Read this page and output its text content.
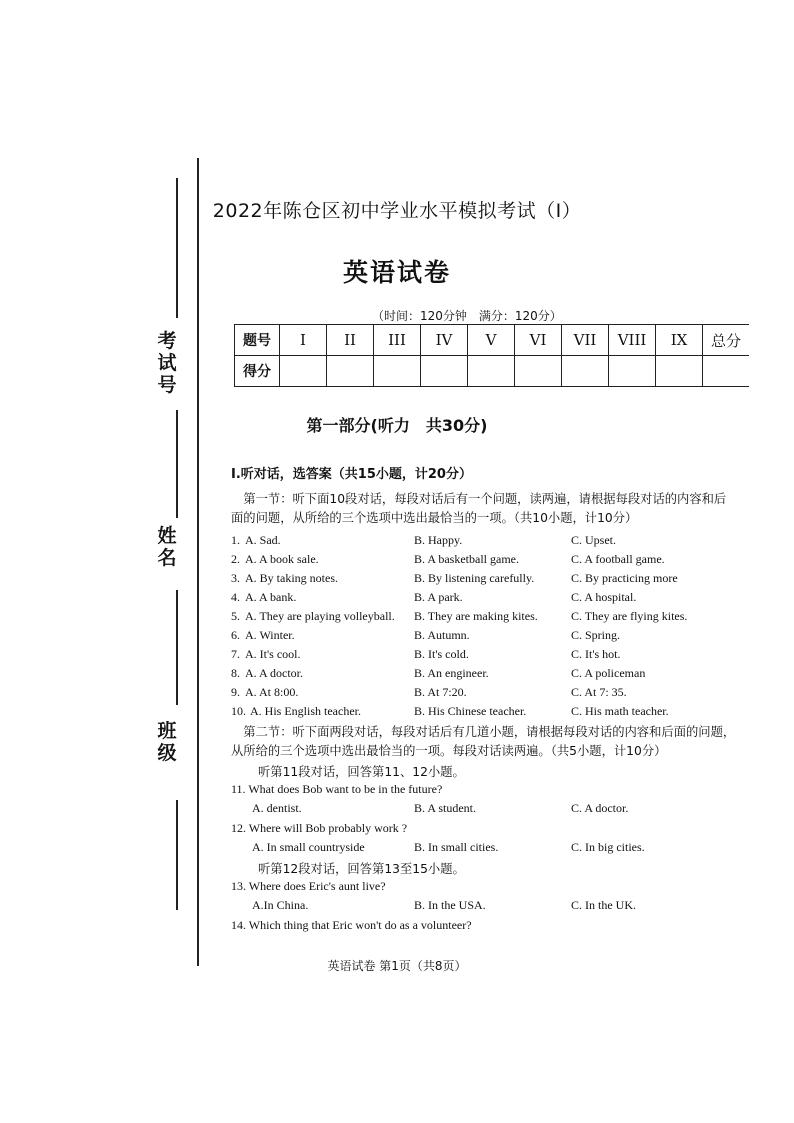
考试号
姓名
班级
2022年陈仓区初中学业水平模拟考试（I）
英语试卷
（时间：120分钟　满分：120分）
题号	I	II	III	IV	V	VI	VII	VIII	IX	总分
得分										
第一部分(听力　共30分)
I.听对话，选答案（共15小题，计20分）
　第一节：听下面10段对话，每段对话后有一个问题，读两遍，请根据每段对话的内容和后
面的问题，从所给的三个选项中选出最恰当的一项。（共10小题，计10分）
1. A. Sad.	B. Happy.	C. Upset.
2. A. A book sale.	B. A basketball game.	C. A football game.
3. A. By taking notes.	B. By listening carefully.	C. By practicing more
4. A. A bank.	B. A park.	C. A hospital.
5. A. They are playing volleyball. B. They are making kites.	C. They are flying kites.
6. A. Winter.	B. Autumn.	C. Spring.
7. A. It's cool.	B. It's cold.	C. It's hot.
8. A. A doctor.	B. An engineer.	C. A policeman
9. A. At 8:00.	B. At 7:20.	C. At 7: 35.
10. A. His English teacher.	B. His Chinese teacher.	C. His math teacher.
　第二节：听下面两段对话，每段对话后有几道小题，请根据每段对话的内容和后面的问题，
从所给的三个选项中选出最恰当的一项。每段对话读两遍。（共5小题，计10分）
听第11段对话，回答第11、12小题。
11. What does Bob want to be in the future?
A. dentist.	B. A student.	C. A doctor.
12. Where will Bob probably work ?
A. In small countryside	B. In small cities.	C. In big cities.
听第12段对话，回答第13至15小题。
13. Where does Eric's aunt live?
A.In China.	B. In the USA.	C. In the UK.
14. Which thing that Eric won't do as a volunteer?
英语试卷 第1页（共8页）
